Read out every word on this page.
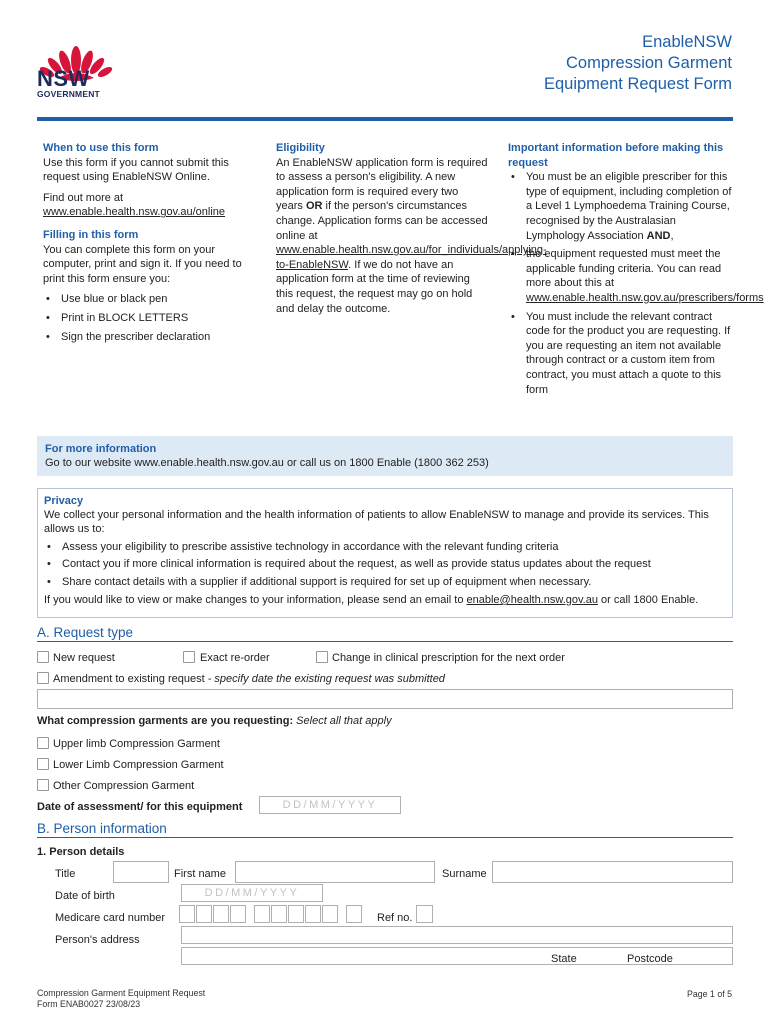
NSW
GOVERNMENT
EnableNSW
Compression Garment
Equipment Request Form
When to use this form

Use this form if you cannot submit this request using EnableNSW Online.

Find out more at www.enable.health.nsw.gov.au/online

Filling in this form

You can complete this form on your computer, print and sign it. If you need to print this form ensure you:

• Use blue or black pen
• Print in BLOCK LETTERS
• Sign the prescriber declaration
Eligibility

An EnableNSW application form is required to assess a person's eligibility. A new application form is required every two years OR if the person's circumstances change. Application forms can be accessed online at www.enable.health.nsw.gov.au/for_individuals/applying-to-EnableNSW. If we do not have an application form at the time of reviewing this request, the request may go on hold and delay the outcome.

Important information before making this request
• You must be an eligible prescriber for this type of equipment, including completion of a Level 1 Lymphoedema Training Course, recognised by the Australasian Lymphology Association AND,
• the equipment requested must meet the applicable funding criteria. You can read more about this at www.enable.health.nsw.gov.au/prescribers/forms
• You must include the relevant contract code for the product you are requesting. If you are requesting an item not available through contract or a custom item from contract, you must attach a quote to this form
For more information
Go to our website www.enable.health.nsw.gov.au or call us on 1800 Enable (1800 362 253)
Privacy
We collect your personal information and the health information of patients to allow EnableNSW to manage and provide its services. This allows us to:
• Assess your eligibility to prescribe assistive technology in accordance with the relevant funding criteria
• Contact you if more clinical information is required about the request, as well as provide status updates about the request
• Share contact details with a supplier if additional support is required for set up of equipment when necessary.
If you would like to view or make changes to your information, please send an email to enable@health.nsw.gov.au or call 1800 Enable.
A. Request type
New request	Exact re-order	Change in clinical prescription for the next order
Amendment to existing request - specify date the existing request was submitted
What compression garments are you requesting: Select all that apply
Upper limb Compression Garment
Lower Limb Compression Garment
Other Compression Garment
Date of assessment/ for this equipment	DD/MM/YYYY
B. Person information
1. Person details
Title	First name	Surname
Date of birth	DD/MM/YYYY
Medicare card number	Ref no.
Person's address
State	Postcode
Compression Garment Equipment Request
Form ENAB0027 23/08/23
Page 1 of 5
